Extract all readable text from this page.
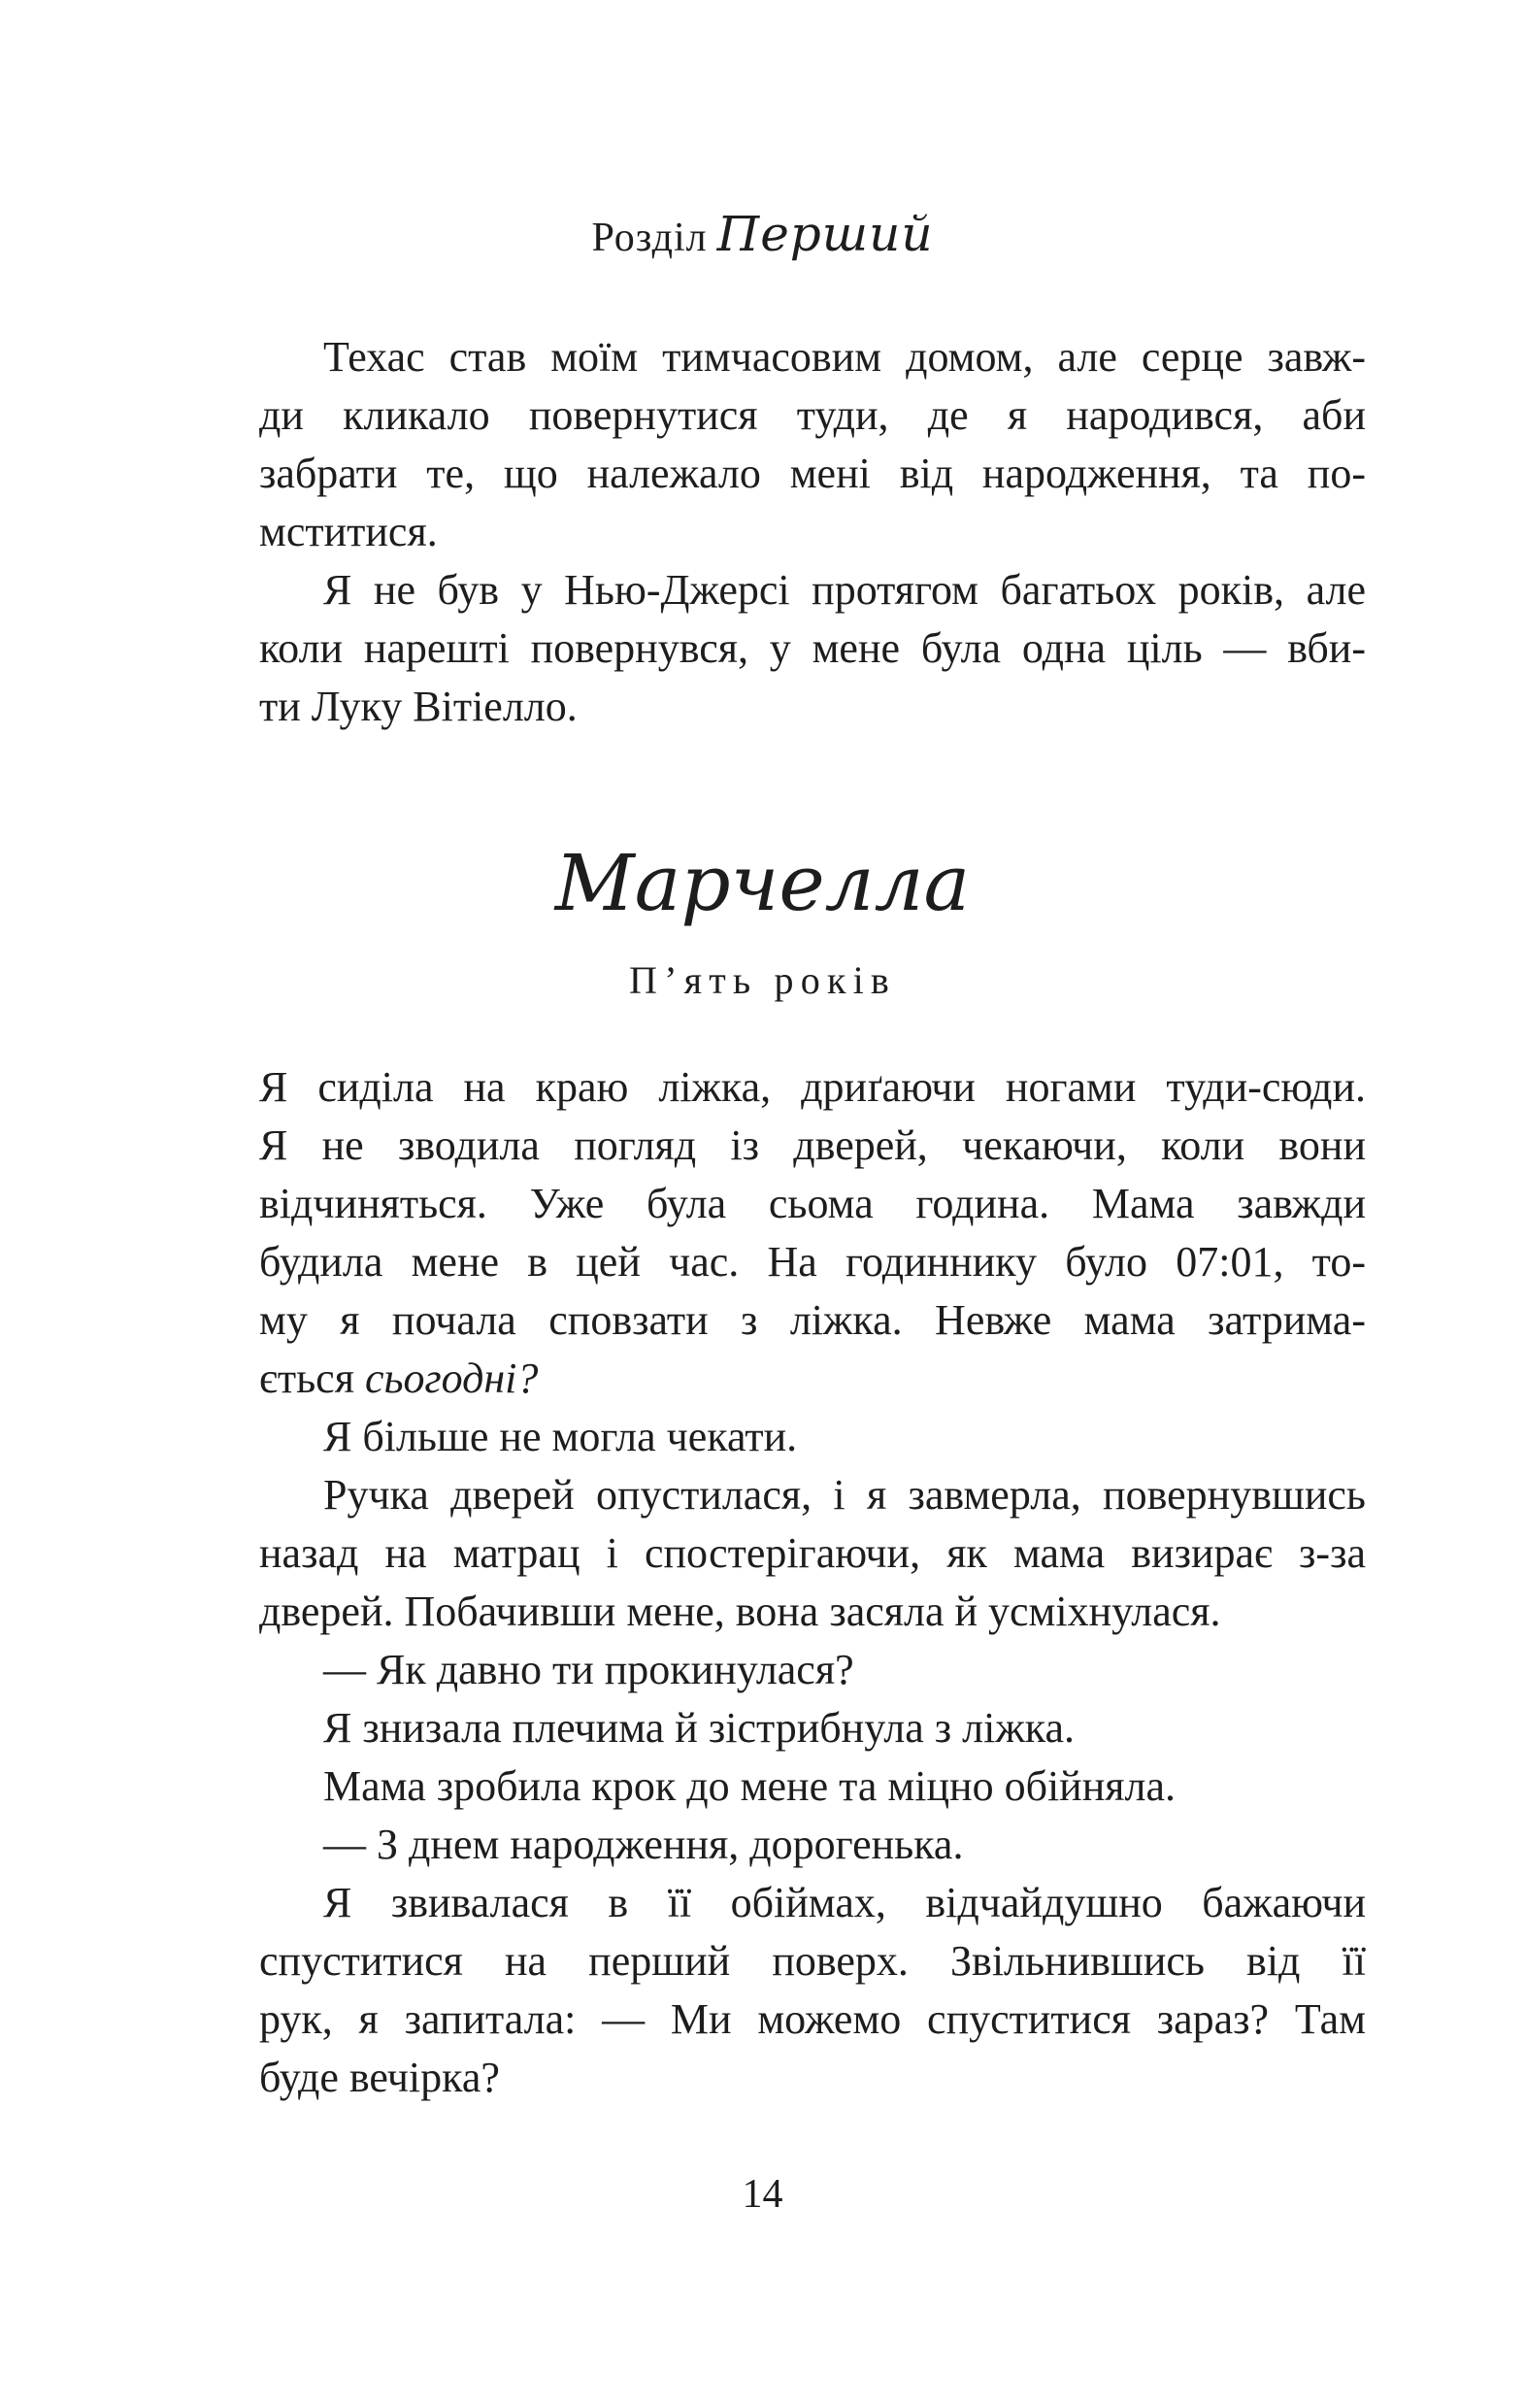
Розділ Перший
Техас став моїм тимчасовим домом, але серце завж-
ди кликало повернутися туди, де я народився, аби
забрати те, що належало мені від народження, та по-
мститися.
Я не був у Нью-Джерсі протягом багатьох років, але
коли нарешті повернувся, у мене була одна ціль — вби-
ти Луку Вітіелло.
Марчелла
П’ять років
Я сиділа на краю ліжка, дриґаючи ногами туди-сюди.
Я не зводила погляд із дверей, чекаючи, коли вони
відчиняться. Уже була сьома година. Мама завжди
будила мене в цей час. На годиннику було 07:01, то-
му я почала сповзати з ліжка. Невже мама затрима-
ється сьогодні?
Я більше не могла чекати.
Ручка дверей опустилася, і я завмерла, повернувшись
назад на матрац і спостерігаючи, як мама визирає з-за
дверей. Побачивши мене, вона засяла й усміхнулася.
— Як давно ти прокинулася?
Я знизала плечима й зістрибнула з ліжка.
Мама зробила крок до мене та міцно обійняла.
— З днем народження, дорогенька.
Я звивалася в її обіймах, відчайдушно бажаючи
спуститися на перший поверх. Звільнившись від її
рук, я запитала: — Ми можемо спуститися зараз? Там
буде вечірка?
14
